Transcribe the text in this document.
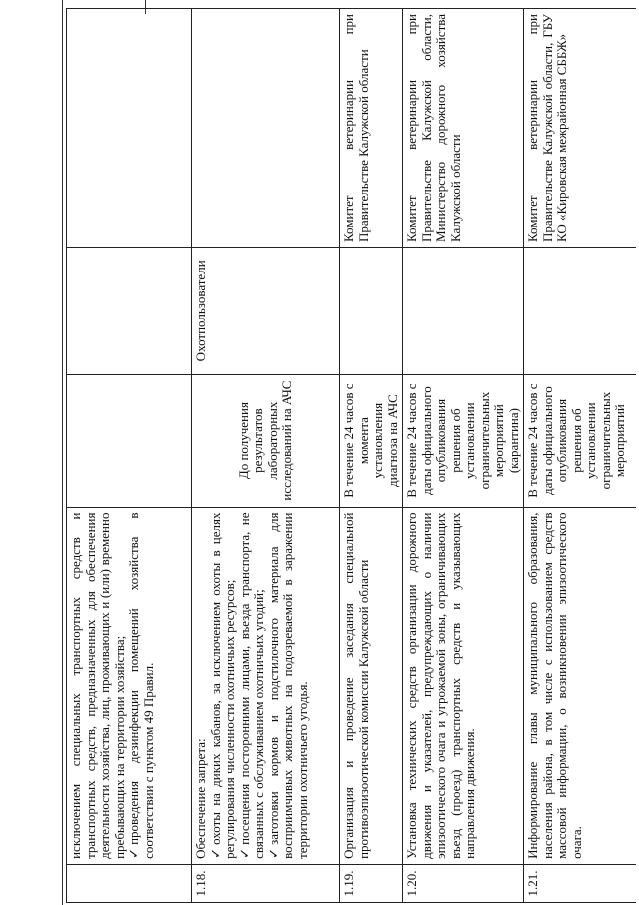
	исключением специальных транспортных средств и транспортных средств, предназначенных для обеспечения деятельности хозяйства, лиц, проживающих и (или) временно пребывающих на территории хозяйства; ✓проведения дезинфекции помещений хозяйства в соответствии с пунктом 49 Правил.			

1.18.	Обеспечение запрета: ✓охоты на диких кабанов, за исключением охоты в целях регулирования численности охотничьих ресурсов; ✓посещения посторонними лицами, въезда транспорта, не связанных с обслуживанием охотничьих угодий; ✓заготовки кормов и подстилочного материала для восприимчивых животных на подозреваемой в заражении территории охотничьего угодья.	До получения результатов лабораторных исследований на АЧС	Охотпользователи	
1.19.	Организация и проведение заседания специальной противоэпизоотической комиссии Калужской области	В течение 24 часов с момента установления диагноза на АЧС		Комитет ветеринарии при Правительстве Калужской области
1.20.	Установка технических средств организации дорожного движения и указателей, предупреждающих о наличии эпизоотического очага и угрожаемой зоны, ограничивающих въезд (проезд) транспортных средств и указывающих направления движения.	В течение 24 часов с даты официального опубликования решения об установлении ограничительных мероприятий (карантина)		Комитет ветеринарии при Правительстве Калужской области, Министерство дорожного хозяйства Калужской области
1.21.	Информирование главы муниципального образования, населения района, в том числе с использованием средств массовой информации, о возникновении эпизоотического очага.	В течение 24 часов с даты официального опубликования решения об установлении ограничительных мероприятий		Комитет ветеринарии при Правительстве Калужской области, ГБУ КО «Кировская межрайонная СББЖ»
